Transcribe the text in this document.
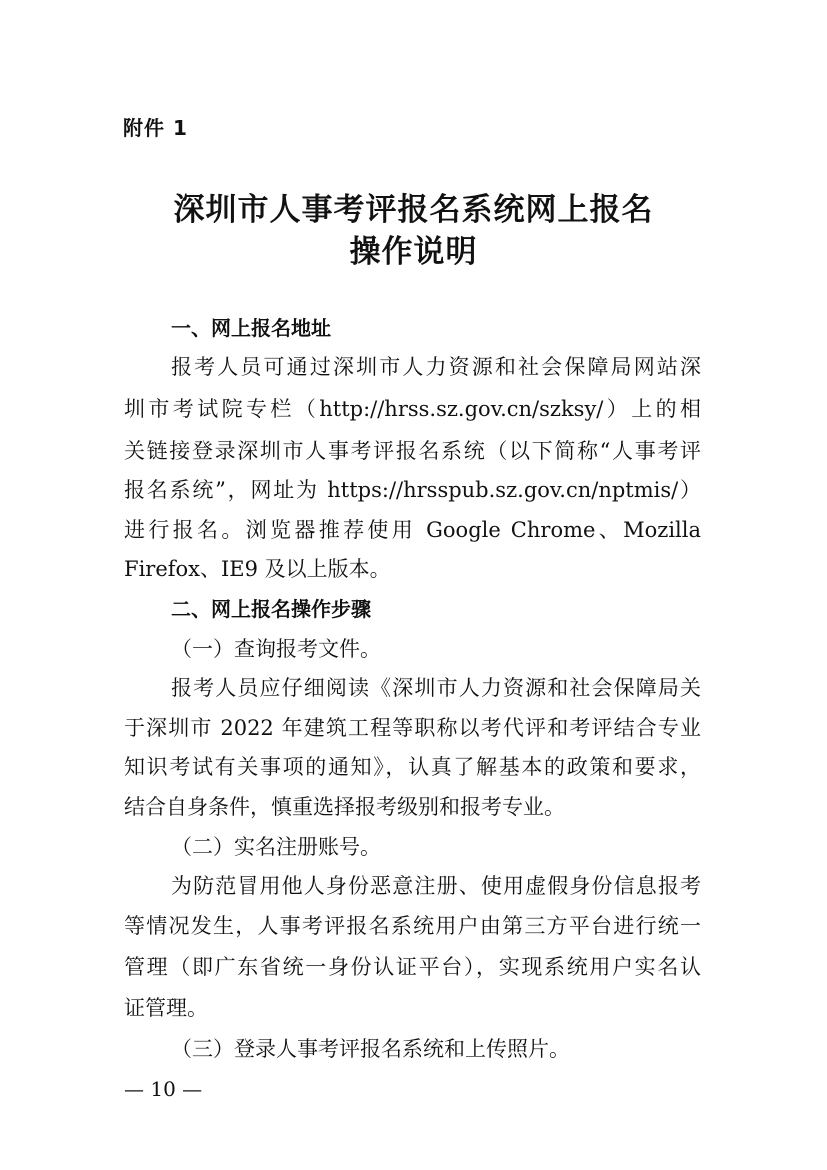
附件 1
深圳市人事考评报名系统网上报名
操作说明
一、网上报名地址
报考人员可通过深圳市人力资源和社会保障局网站深
圳市考试院专栏（http://hrss.sz.gov.cn/szksy/）上的相
关链接登录深圳市人事考评报名系统（以下简称“人事考评
报名系统”，网址为 https://hrsspub.sz.gov.cn/nptmis/）
进行报名。浏览器推荐使用 Google Chrome、Mozilla
Firefox、IE9 及以上版本。
二、网上报名操作步骤
（一）查询报考文件。
报考人员应仔细阅读《深圳市人力资源和社会保障局关
于深圳市 2022 年建筑工程等职称以考代评和考评结合专业
知识考试有关事项的通知》，认真了解基本的政策和要求，
结合自身条件，慎重选择报考级别和报考专业。
（二）实名注册账号。
为防范冒用他人身份恶意注册、使用虚假身份信息报考
等情况发生，人事考评报名系统用户由第三方平台进行统一
管理（即广东省统一身份认证平台），实现系统用户实名认
证管理。
（三）登录人事考评报名系统和上传照片。
— 10 —
